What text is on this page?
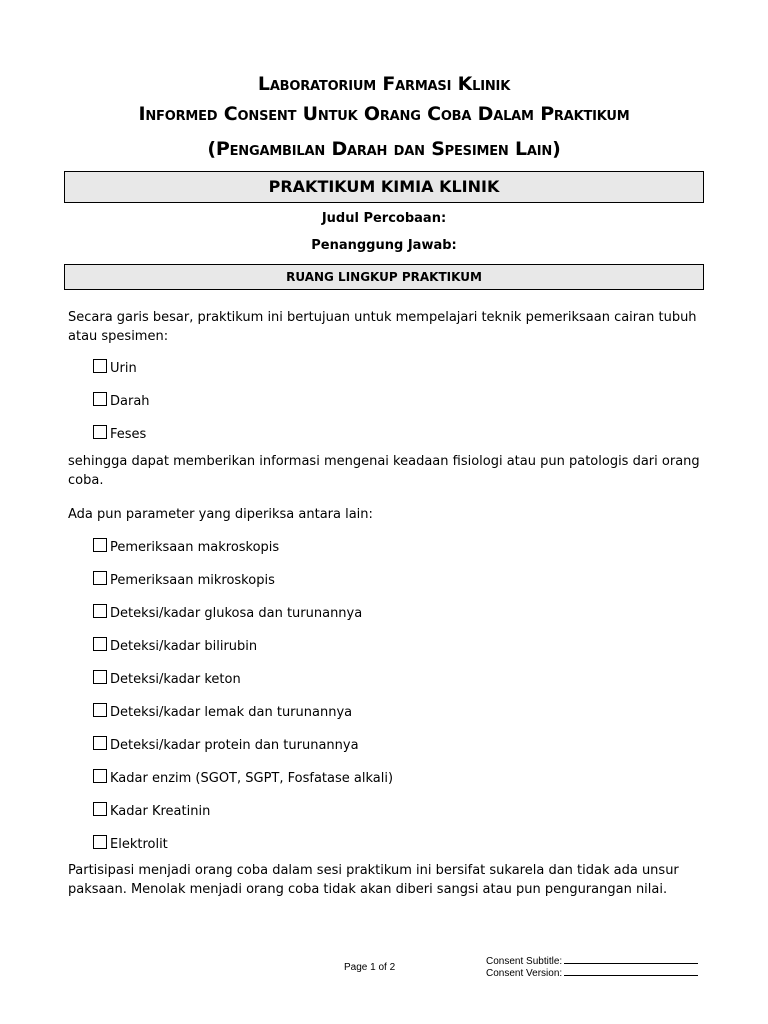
Laboratorium Farmasi Klinik
Informed Consent Untuk Orang Coba Dalam Praktikum
(Pengambilan Darah dan Spesimen Lain)
PRAKTIKUM KIMIA KLINIK
Judul Percobaan:
Penanggung Jawab:
RUANG LINGKUP PRAKTIKUM
Secara garis besar, praktikum ini bertujuan untuk mempelajari teknik pemeriksaan cairan tubuh atau spesimen:
Urin
Darah
Feses
sehingga dapat memberikan informasi mengenai keadaan fisiologi atau pun patologis dari orang coba.
Ada pun parameter yang diperiksa antara lain:
Pemeriksaan makroskopis
Pemeriksaan mikroskopis
Deteksi/kadar glukosa dan turunannya
Deteksi/kadar bilirubin
Deteksi/kadar keton
Deteksi/kadar lemak dan turunannya
Deteksi/kadar protein dan turunannya
Kadar enzim (SGOT, SGPT, Fosfatase alkali)
Kadar Kreatinin
Elektrolit
Partisipasi menjadi orang coba dalam sesi praktikum ini bersifat sukarela dan tidak ada unsur paksaan. Menolak menjadi orang coba tidak akan diberi sangsi atau pun pengurangan nilai.
Page 1 of 2
Consent Subtitle:
Consent Version:
